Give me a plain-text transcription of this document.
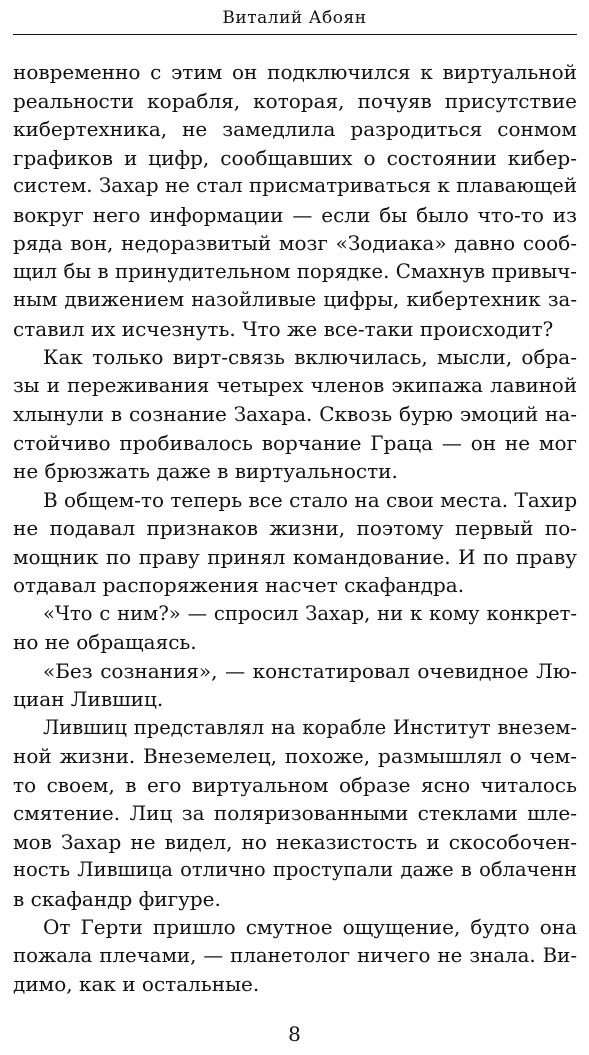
Виталий Абоян
новременно с этим он подключился к виртуальной
реальности корабля, которая, почуяв присутствие
кибертехника, не замедлила разродиться сонмом
графиков и цифр, сообщавших о состоянии кибер-
систем. Захар не стал присматриваться к плавающей
вокруг него информации — если бы было что-то из
ряда вон, недоразвитый мозг «Зодиака» давно сооб-
щил бы в принудительном порядке. Смахнув привыч-
ным движением назойливые цифры, кибертехник за-
ставил их исчезнуть. Что же все-таки происходит?
Как только вирт-связь включилась, мысли, обра-
зы и переживания четырех членов экипажа лавиной
хлынули в сознание Захара. Сквозь бурю эмоций на-
стойчиво пробивалось ворчание Граца — он не мог
не брюзжать даже в виртуальности.
В общем-то теперь все стало на свои места. Тахир
не подавал признаков жизни, поэтому первый по-
мощник по праву принял командование. И по праву
отдавал распоряжения насчет скафандра.
«Что с ним?» — спросил Захар, ни к кому конкрет-
но не обращаясь.
«Без сознания», — констатировал очевидное Лю-
циан Лившиц.
Лившиц представлял на корабле Институт внезем-
ной жизни. Внеземелец, похоже, размышлял о чем-
то своем, в его виртуальном образе ясно читалось
смятение. Лиц за поляризованными стеклами шле-
мов Захар не видел, но неказистость и скособочен-
ность Лившица отлично проступали даже в облаченн
в скафандр фигуре.
От Герти пришло смутное ощущение, будто она
пожала плечами, — планетолог ничего не знала. Ви-
димо, как и остальные.
8
